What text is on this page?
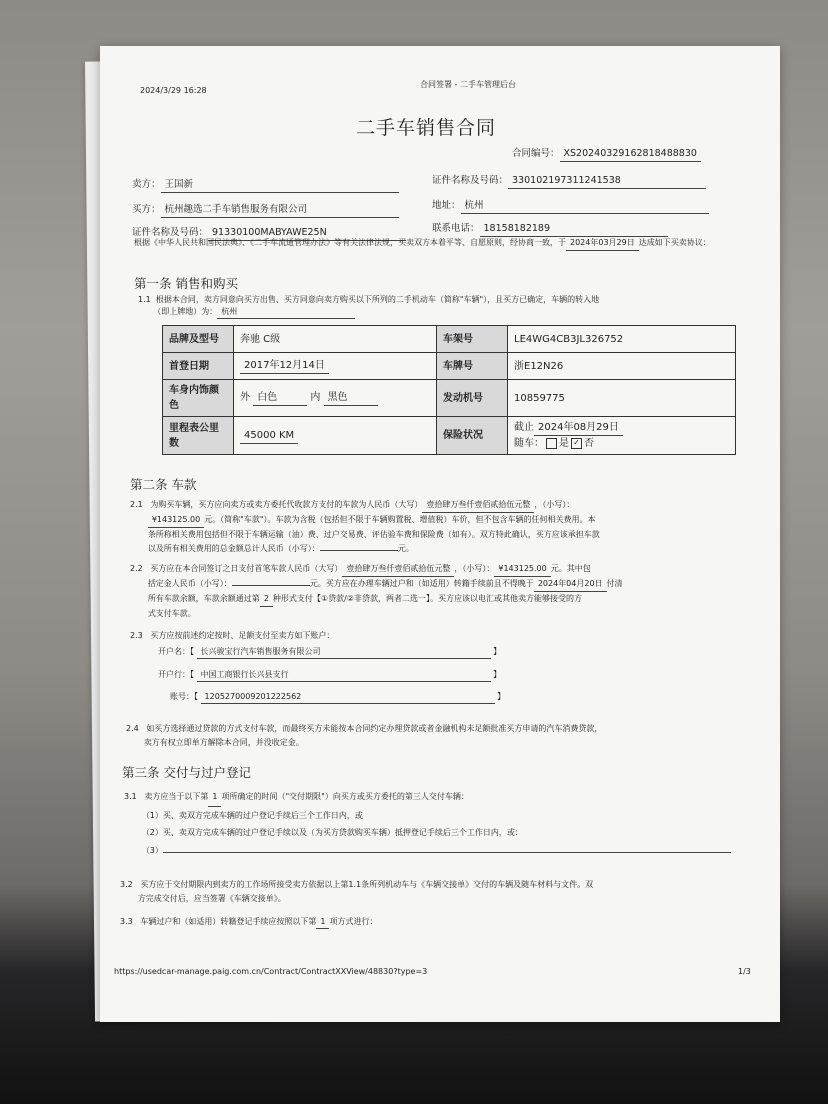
2024/3/29 16:28
合同签署 - 二手车管理后台
二手车销售合同
合同编号： XS20240329162818488830
卖方： 王国新	证件名称及号码： 330102197311241538
买方： 杭州趣选二手车销售服务有限公司	地址： 杭州
证件名称及号码： 91330100MABYAWE25N	联系电话： 18158182189
根据《中华人民共和国民法典》、《二手车流通管理办法》等有关法律法规，买卖双方本着平等、自愿原则，经协商一致，于 2024年03月29日 达成如下买卖协议：
第一条 销售和购买
1.1 根据本合同，卖方同意向买方出售、买方同意向卖方购买以下所列的二手机动车（简称"车辆"），且买方已确定，车辆的转入地
（即上牌地）为： 杭州
品牌及型号	奔驰 C级	车架号	LE4WG4CB3JL326752
首登日期	2017年12月14日	车牌号	浙E12N26
车身内饰颜色	外 白色 内 黑色	发动机号	10859775
里程表公里数	45000 KM	保险状况	截止 2024年08月29日
随车： 是 ✓ 否
第二条 车款
2.1 为购买车辆，买方应向卖方或卖方委托代收款方支付的车款为人民币（大写） 壹拾肆万叁仟壹佰贰拾伍元整 ，（小写）：
¥143125.00 元。（简称"车款"）。车款为含税（包括但不限于车辆购置税、增值税）车价，但不包含车辆的任何相关费用。本
条所称相关费用包括但不限于车辆运输（油）费、过户交易费、评估验车费和保险费（如有）。双方特此确认，买方应该承担车款
以及所有相关费用的总金额总计人民币（小写）：	元。
2.2 买方应在本合同签订之日支付首笔车款人民币（大写） 壹拾肆万叁仟壹佰贰拾伍元整 ，（小写）： ¥143125.00 元。其中包
括定金人民币（小写）：	元。买方应在办理车辆过户和（如适用）转籍手续前且不得晚于 2024年04月20日 付清
所有车款余额，车款余额通过第 2 种形式支付【①贷款/②非贷款，两者二选一】。买方应该以电汇或其他卖方能够接受的方
式支付车款。
2.3 买方应按前述约定按时、足额支付至卖方如下账户：
开户名：【 长兴骏宝行汽车销售服务有限公司	】
开户行：【 中国工商银行长兴县支行	】
账号：【 1205270009201222562	】
2.4 如买方选择通过贷款的方式支付车款，而最终买方未能按本合同约定办理贷款或者金融机构未足额批准买方申请的汽车消费贷款，
卖方有权立即单方解除本合同，并没收定金。
第三条 交付与过户登记
3.1 卖方应当于以下第 1 项所确定的时间（"交付期限"）向买方或买方委托的第三人交付车辆：
（1）买、卖双方完成车辆的过户登记手续后三个工作日内，或
（2）买、卖双方完成车辆的过户登记手续以及（为买方贷款购买车辆）抵押登记手续后三个工作日内，或：
（3）
3.2 买方应于交付期限内到卖方的工作场所接受卖方依据以上第1.1条所列机动车与《车辆交接单》交付的车辆及随车材料与文件。双
方完成交付后，应当签署《车辆交接单》。
3.3 车辆过户和（如适用）转籍登记手续应按照以下第 1 项方式进行：
https://usedcar-manage.paig.com.cn/Contract/ContractXXView/48830?type=3	1/3
